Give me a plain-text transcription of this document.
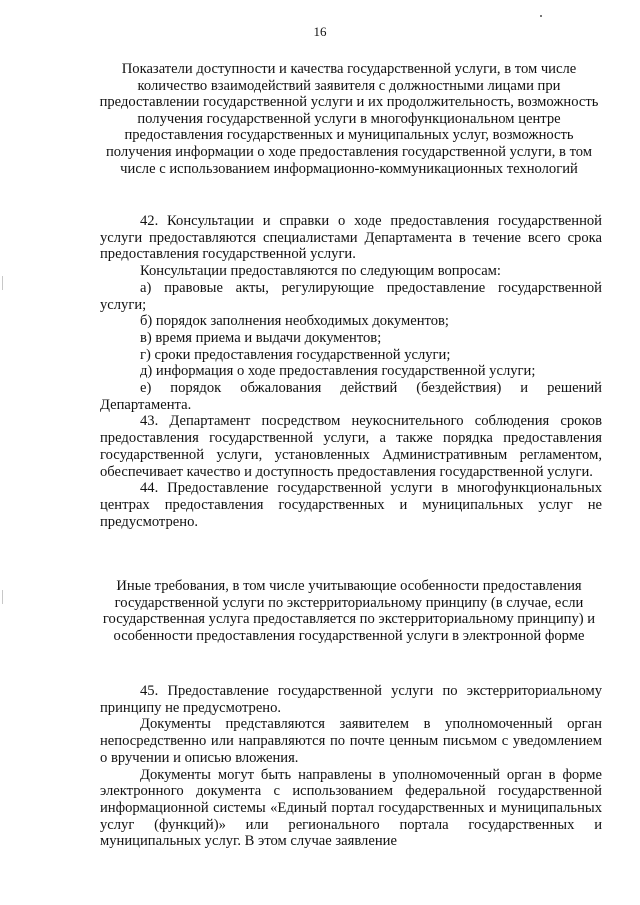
16
Показатели доступности и качества государственной услуги, в том числе количество взаимодействий заявителя с должностными лицами при предоставлении государственной услуги и их продолжительность, возможность получения государственной услуги в многофункциональном центре предоставления государственных и муниципальных услуг, возможность получения информации о ходе предоставления государственной услуги, в том числе с использованием информационно-коммуникационных технологий

42. Консультации и справки о ходе предоставления государственной услуги предоставляются специалистами Департамента в течение всего срока предоставления государственной услуги.

Консультации предоставляются по следующим вопросам:

а) правовые акты, регулирующие предоставление государственной услуги;

б) порядок заполнения необходимых документов;

в) время приема и выдачи документов;

г) сроки предоставления государственной услуги;

д) информация о ходе предоставления государственной услуги;

е) порядок обжалования действий (бездействия) и решений Департамента.

43. Департамент посредством неукоснительного соблюдения сроков предоставления государственной услуги, а также порядка предоставления государственной услуги, установленных Административным регламентом, обеспечивает качество и доступность предоставления государственной услуги.

44. Предоставление государственной услуги в многофункциональных центрах предоставления государственных и муниципальных услуг не предусмотрено.

Иные требования, в том числе учитывающие особенности предоставления государственной услуги по экстерриториальному принципу (в случае, если государственная услуга предоставляется по экстерриториальному принципу) и особенности предоставления государственной услуги в электронной форме

45. Предоставление государственной услуги по экстерриториальному принципу не предусмотрено.

Документы представляются заявителем в уполномоченный орган непосредственно или направляются по почте ценным письмом с уведомлением о вручении и описью вложения.

Документы могут быть направлены в уполномоченный орган в форме электронного документа с использованием федеральной государственной информационной системы «Единый портал государственных и муниципальных услуг (функций)» или регионального портала государственных и муниципальных услуг. В этом случае заявление
